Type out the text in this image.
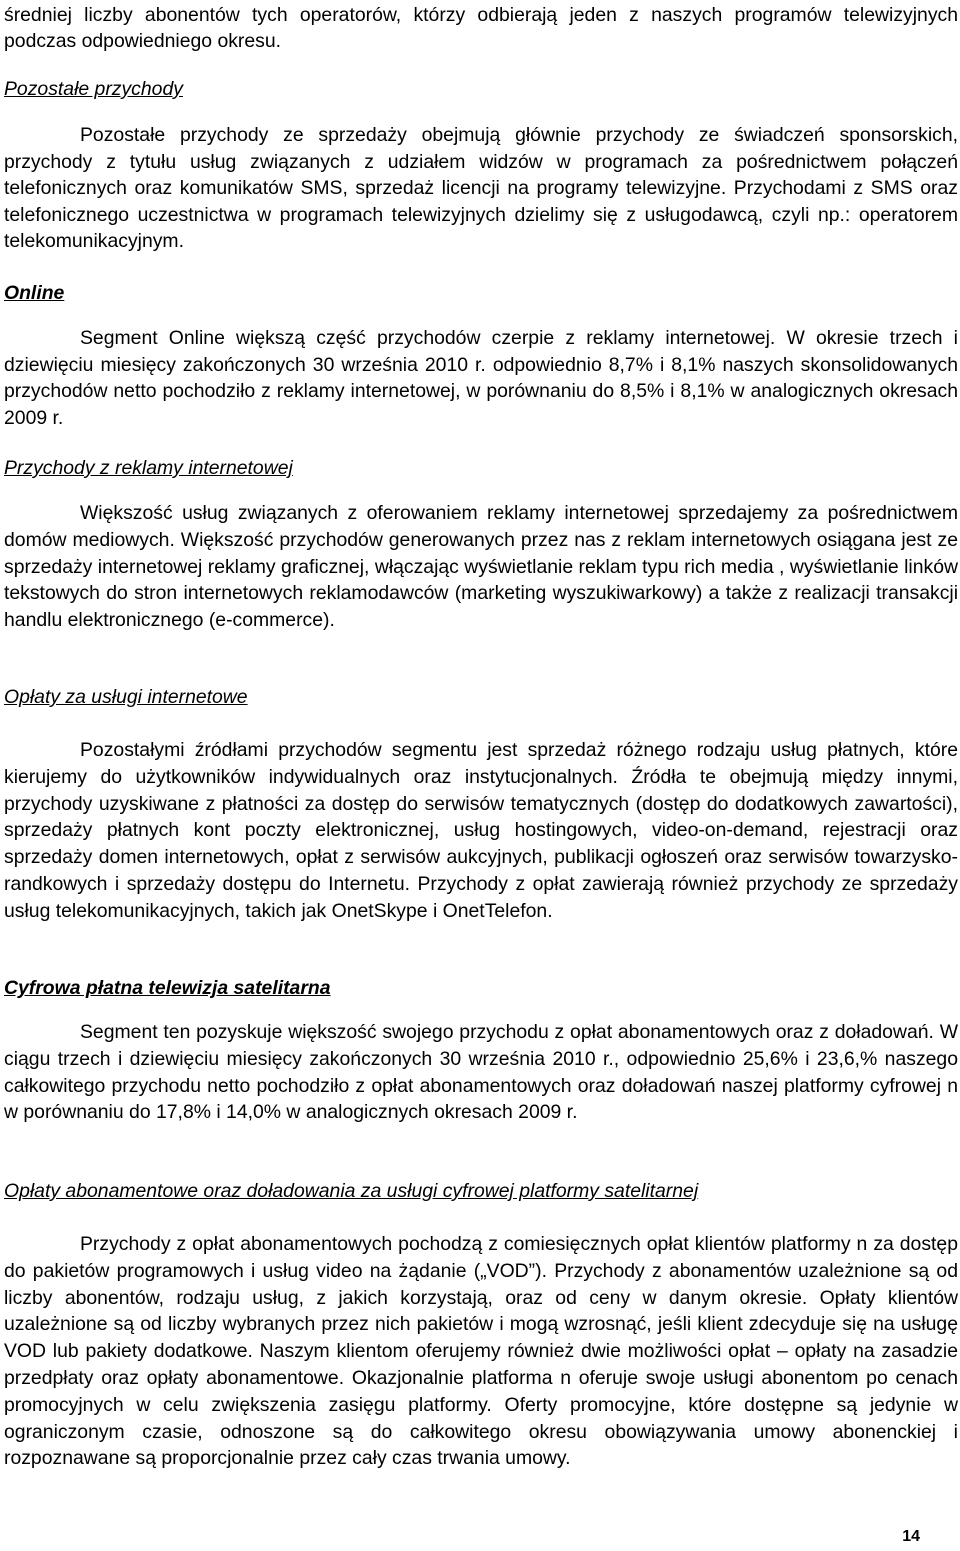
średniej liczby abonentów tych operatorów, którzy odbierają jeden z naszych programów telewizyjnych podczas odpowiedniego okresu.

Pozostałe przychody

Pozostałe przychody ze sprzedaży obejmują głównie przychody ze świadczeń sponsorskich, przychody z tytułu usług związanych z udziałem widzów w programach za pośrednictwem połączeń telefonicznych oraz komunikatów SMS, sprzedaż licencji na programy telewizyjne. Przychodami z SMS oraz telefonicznego uczestnictwa w programach telewizyjnych dzielimy się z usługodawcą, czyli np.: operatorem telekomunikacyjnym.

Online

Segment Online większą część przychodów czerpie z reklamy internetowej. W okresie trzech i dziewięciu miesięcy zakończonych 30 września 2010 r. odpowiednio 8,7% i 8,1% naszych skonsolidowanych przychodów netto pochodziło z reklamy internetowej, w porównaniu do 8,5% i 8,1% w analogicznych okresach 2009 r.

Przychody z reklamy internetowej

Większość usług związanych z oferowaniem reklamy internetowej sprzedajemy za pośrednictwem domów mediowych. Większość przychodów generowanych przez nas z reklam internetowych osiągana jest ze sprzedaży internetowej reklamy graficznej, włączając wyświetlanie reklam typu rich media , wyświetlanie linków tekstowych do stron internetowych reklamodawców (marketing wyszukiwarkowy) a także z realizacji transakcji handlu elektronicznego (e-commerce).

Opłaty za usługi internetowe

Pozostałymi źródłami przychodów segmentu jest sprzedaż różnego rodzaju usług płatnych, które kierujemy do użytkowników indywidualnych oraz instytucjonalnych. Źródła te obejmują między innymi, przychody uzyskiwane z płatności za dostęp do serwisów tematycznych (dostęp do dodatkowych zawartości), sprzedaży płatnych kont poczty elektronicznej, usług hostingowych, video-on-demand, rejestracji oraz sprzedaży domen internetowych, opłat z serwisów aukcyjnych, publikacji ogłoszeń oraz serwisów towarzysko-randkowych i sprzedaży dostępu do Internetu. Przychody z opłat zawierają również przychody ze sprzedaży usług telekomunikacyjnych, takich jak OnetSkype i OnetTelefon.

Cyfrowa płatna telewizja satelitarna

Segment ten pozyskuje większość swojego przychodu z opłat abonamentowych oraz z doładowań. W ciągu trzech i dziewięciu miesięcy zakończonych 30 września 2010 r., odpowiednio 25,6% i 23,6,% naszego całkowitego przychodu netto pochodziło z opłat abonamentowych oraz doładowań naszej platformy cyfrowej n w porównaniu do 17,8% i 14,0% w analogicznych okresach 2009 r.

Opłaty abonamentowe oraz doładowania za usługi cyfrowej platformy satelitarnej

Przychody z opłat abonamentowych pochodzą z comiesięcznych opłat klientów platformy n za dostęp do pakietów programowych i usług video na żądanie („VOD”). Przychody z abonamentów uzależnione są od liczby abonentów, rodzaju usług, z jakich korzystają, oraz od ceny w danym okresie. Opłaty klientów uzależnione są od liczby wybranych przez nich pakietów i mogą wzrosnąć, jeśli klient zdecyduje się na usługę VOD lub pakiety dodatkowe. Naszym klientom oferujemy również dwie możliwości opłat – opłaty na zasadzie przedpłaty oraz opłaty abonamentowe. Okazjonalnie platforma n oferuje swoje usługi abonentom po cenach promocyjnych w celu zwiększenia zasięgu platformy. Oferty promocyjne, które dostępne są jedynie w ograniczonym czasie, odnoszone są do całkowitego okresu obowiązywania umowy abonenckiej i rozpoznawane są proporcjonalnie przez cały czas trwania umowy.

14
